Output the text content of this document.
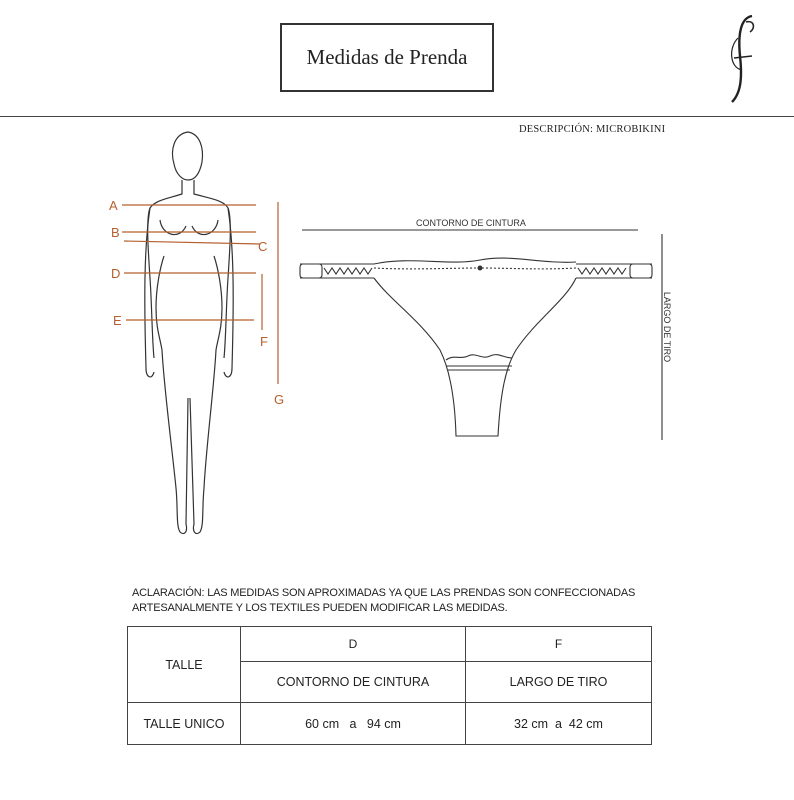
Medidas de Prenda
DESCRIPCIÓN: MICROBIKINI
A
B
C
D
E
F
G
CONTORNO DE CINTURA
LARGO DE TIRO
ACLARACIÓN: LAS MEDIDAS SON APROXIMADAS YA QUE LAS PRENDAS SON CONFECCIONADAS
ARTESANALMENTE Y LOS TEXTILES PUEDEN MODIFICAR LAS MEDIDAS.
TALLE	D	F
	CONTORNO DE CINTURA	LARGO DE TIRO
TALLE UNICO	60 cm   a   94 cm	32 cm  a  42 cm
